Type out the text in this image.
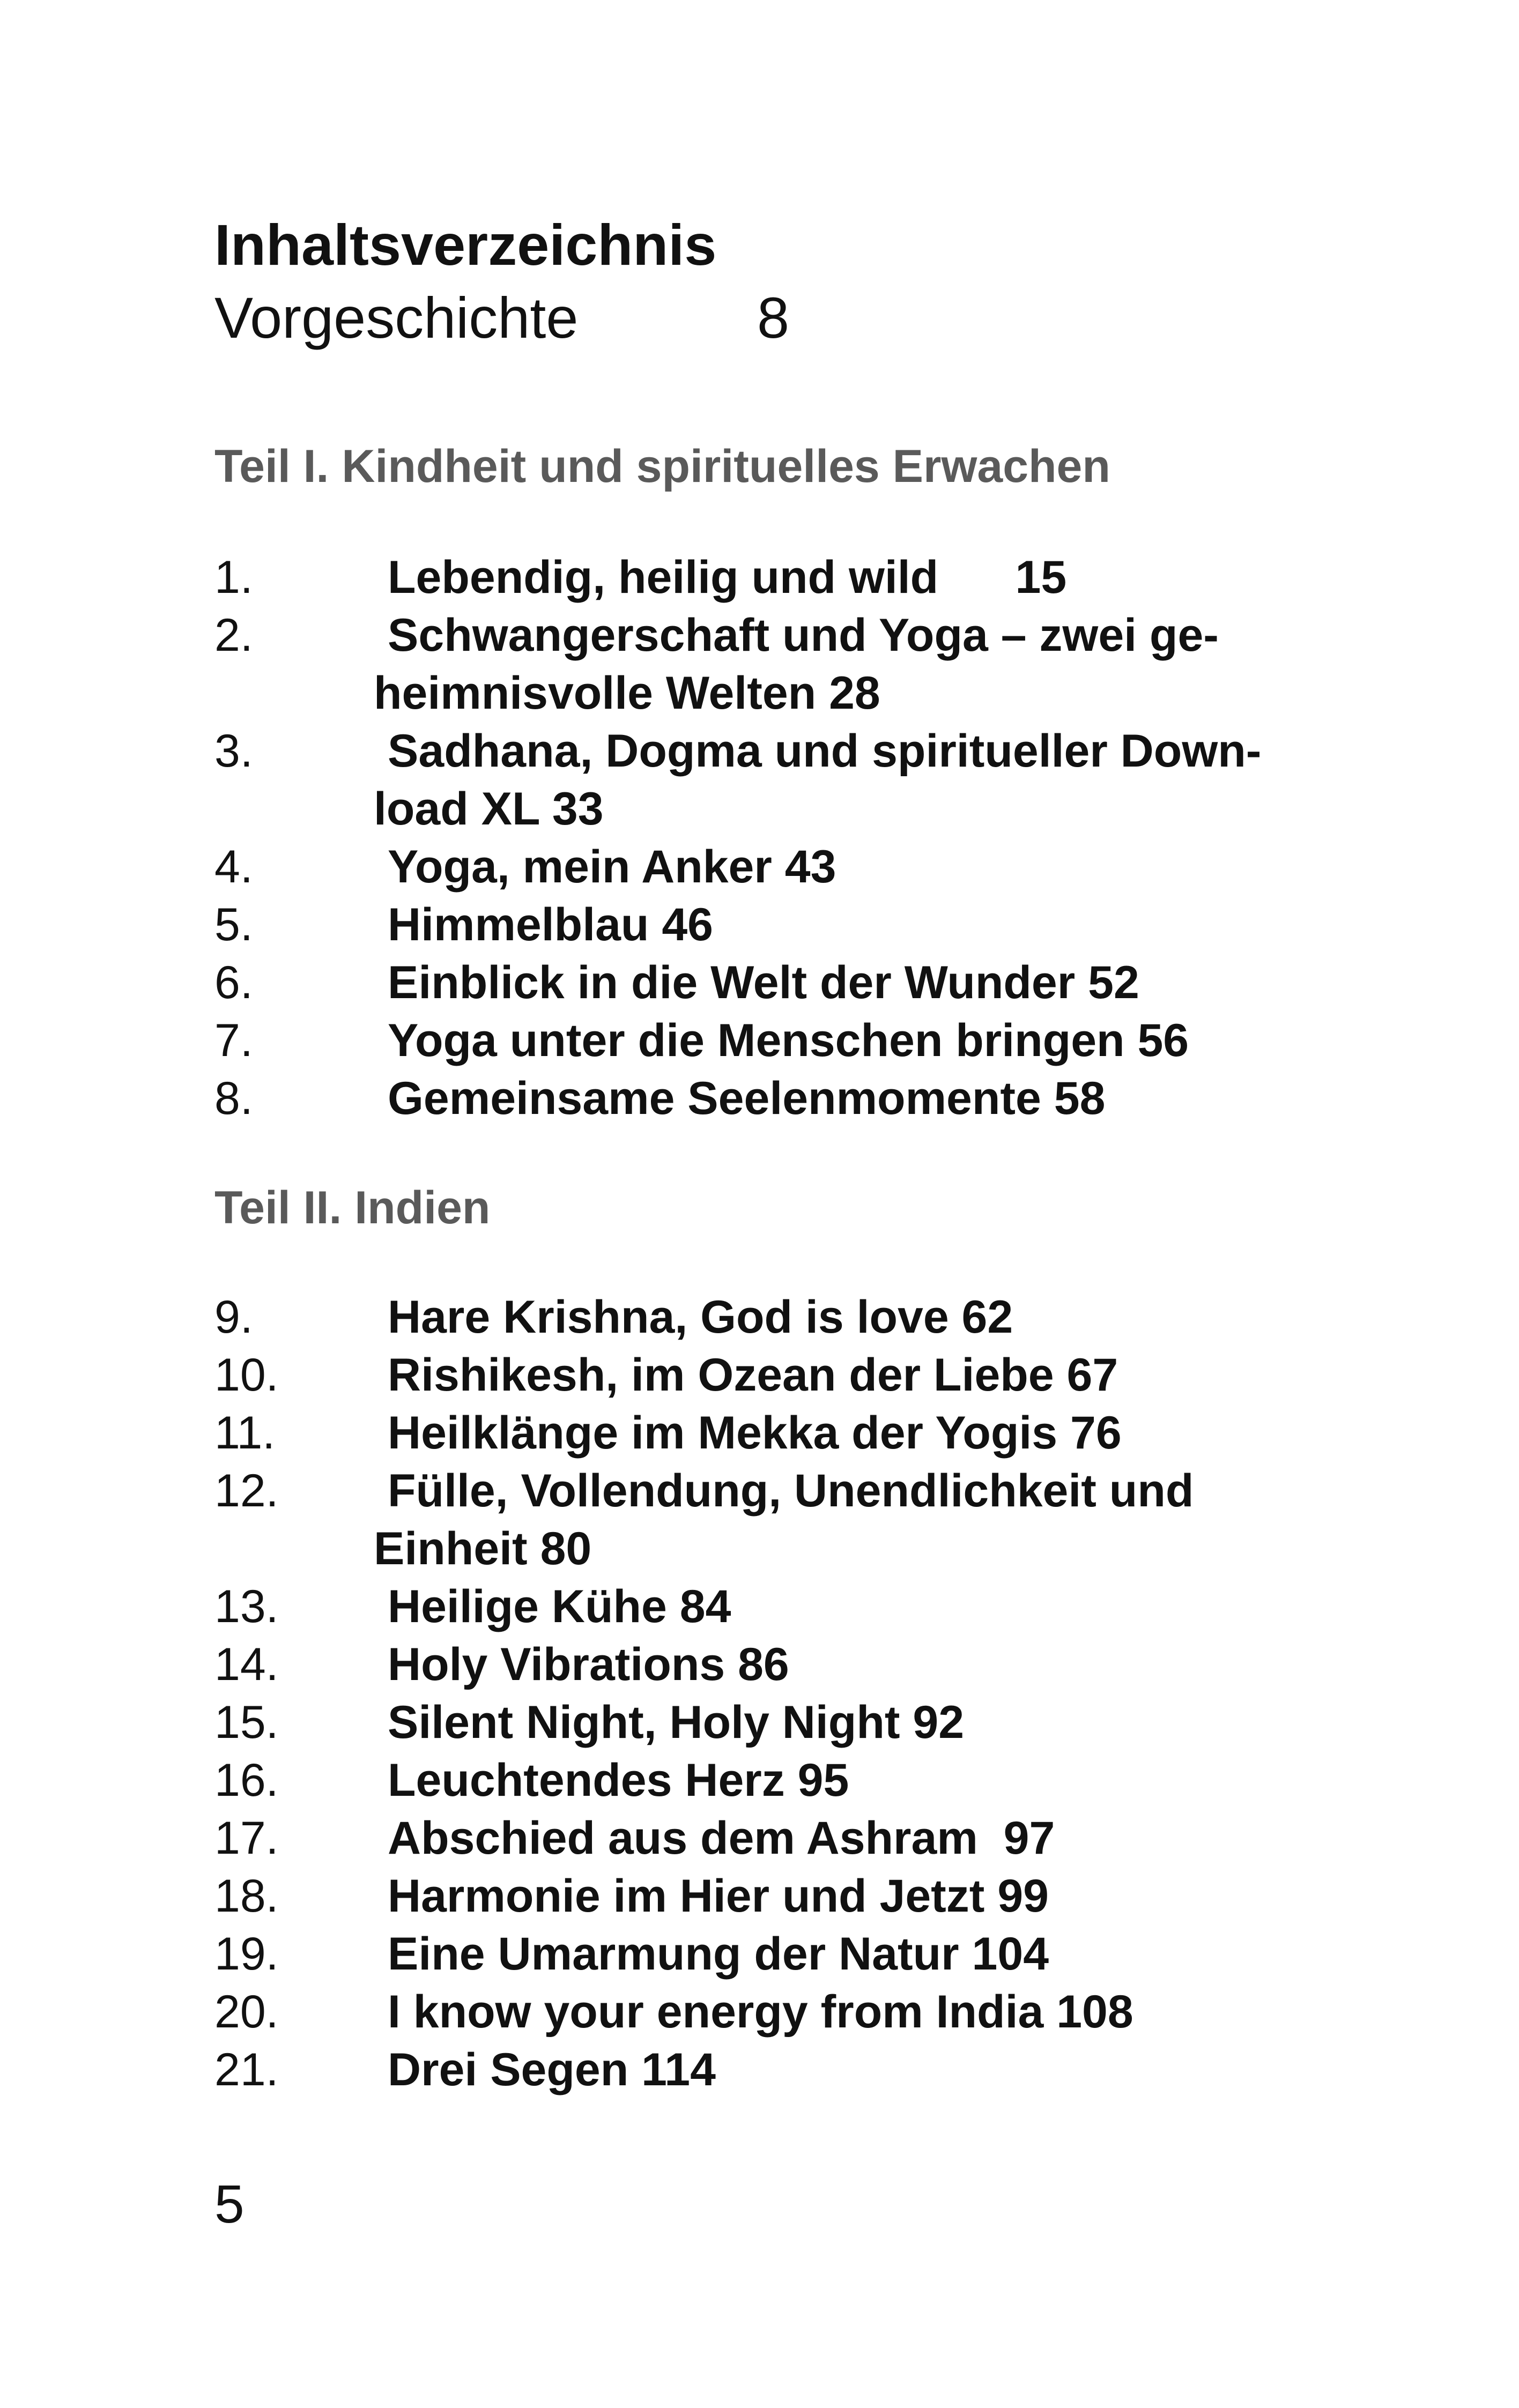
Inhaltsverzeichnis
Vorgeschichte	8
Teil I. Kindheit und spirituelles Erwachen
1.	Lebendig, heilig und wild      15
2.	Schwangerschaft und Yoga – zwei ge-
heimnisvolle Welten 28
3.	Sadhana, Dogma und spiritueller Down-
load XL 33
4.	Yoga, mein Anker 43
5.	Himmelblau 46
6.	Einblick in die Welt der Wunder 52
7.	Yoga unter die Menschen bringen 56
8.	Gemeinsame Seelenmomente 58
Teil II. Indien
9.	Hare Krishna, God is love 62
10.	Rishikesh, im Ozean der Liebe 67
11.	Heilklänge im Mekka der Yogis 76
12.	Fülle, Vollendung, Unendlichkeit und
Einheit 80
13.	Heilige Kühe 84
14.	Holy Vibrations 86
15.	Silent Night, Holy Night 92
16.	Leuchtendes Herz 95
17.	Abschied aus dem Ashram  97
18.	Harmonie im Hier und Jetzt 99
19.	Eine Umarmung der Natur 104
20.	I know your energy from India 108
21.	Drei Segen 114
5
